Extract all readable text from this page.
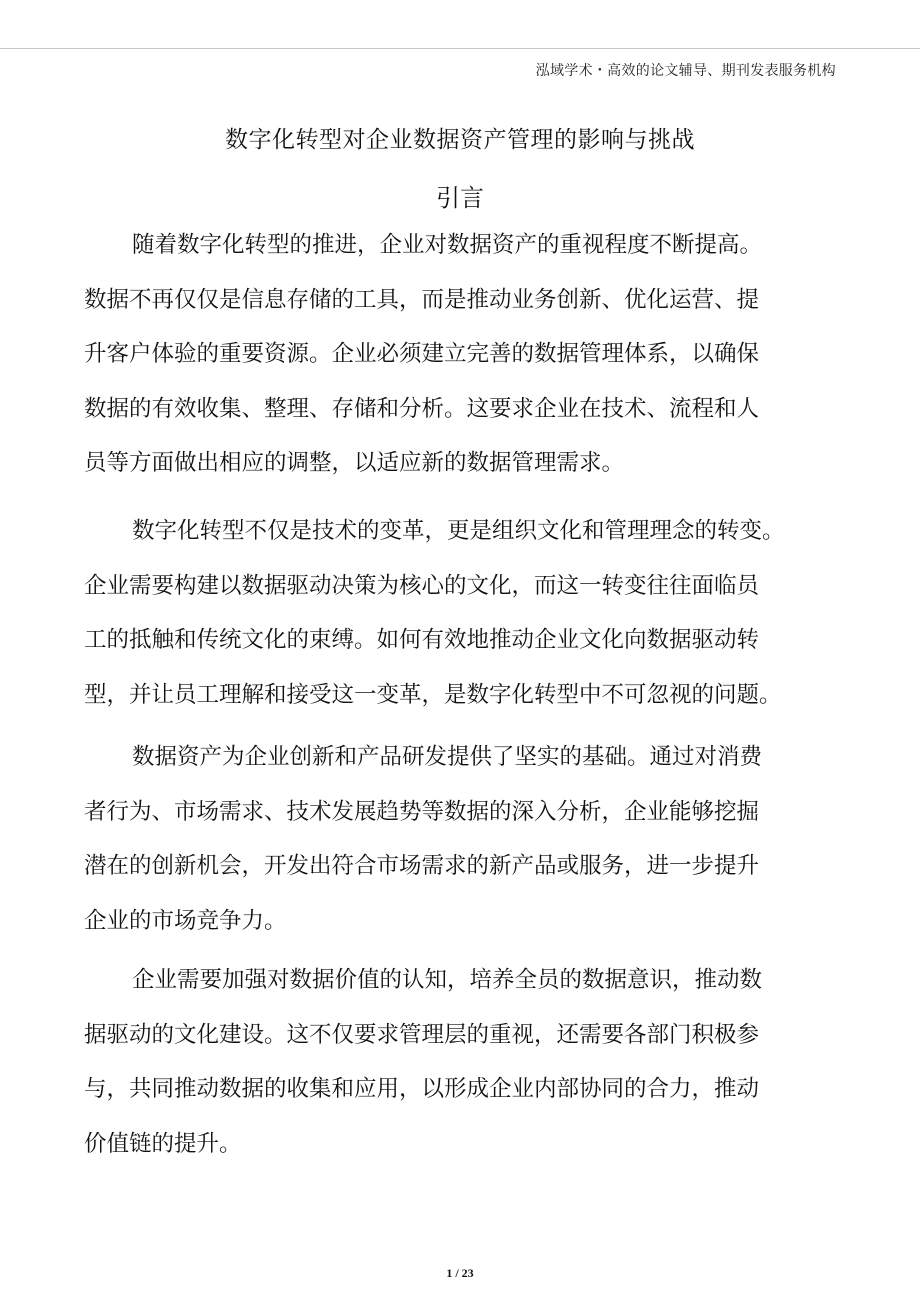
泓域学术・高效的论文辅导、期刊发表服务机构
数字化转型对企业数据资产管理的影响与挑战
引言

随着数字化转型的推进，企业对数据资产的重视程度不断提高。
数据不再仅仅是信息存储的工具，而是推动业务创新、优化运营、提
升客户体验的重要资源。企业必须建立完善的数据管理体系，以确保
数据的有效收集、整理、存储和分析。这要求企业在技术、流程和人
员等方面做出相应的调整，以适应新的数据管理需求。

数字化转型不仅是技术的变革，更是组织文化和管理理念的转变。
企业需要构建以数据驱动决策为核心的文化，而这一转变往往面临员
工的抵触和传统文化的束缚。如何有效地推动企业文化向数据驱动转
型，并让员工理解和接受这一变革，是数字化转型中不可忽视的问题。

数据资产为企业创新和产品研发提供了坚实的基础。通过对消费
者行为、市场需求、技术发展趋势等数据的深入分析，企业能够挖掘
潜在的创新机会，开发出符合市场需求的新产品或服务，进一步提升
企业的市场竞争力。

企业需要加强对数据价值的认知，培养全员的数据意识，推动数
据驱动的文化建设。这不仅要求管理层的重视，还需要各部门积极参
与，共同推动数据的收集和应用，以形成企业内部协同的合力，推动
价值链的提升。

1 / 23
